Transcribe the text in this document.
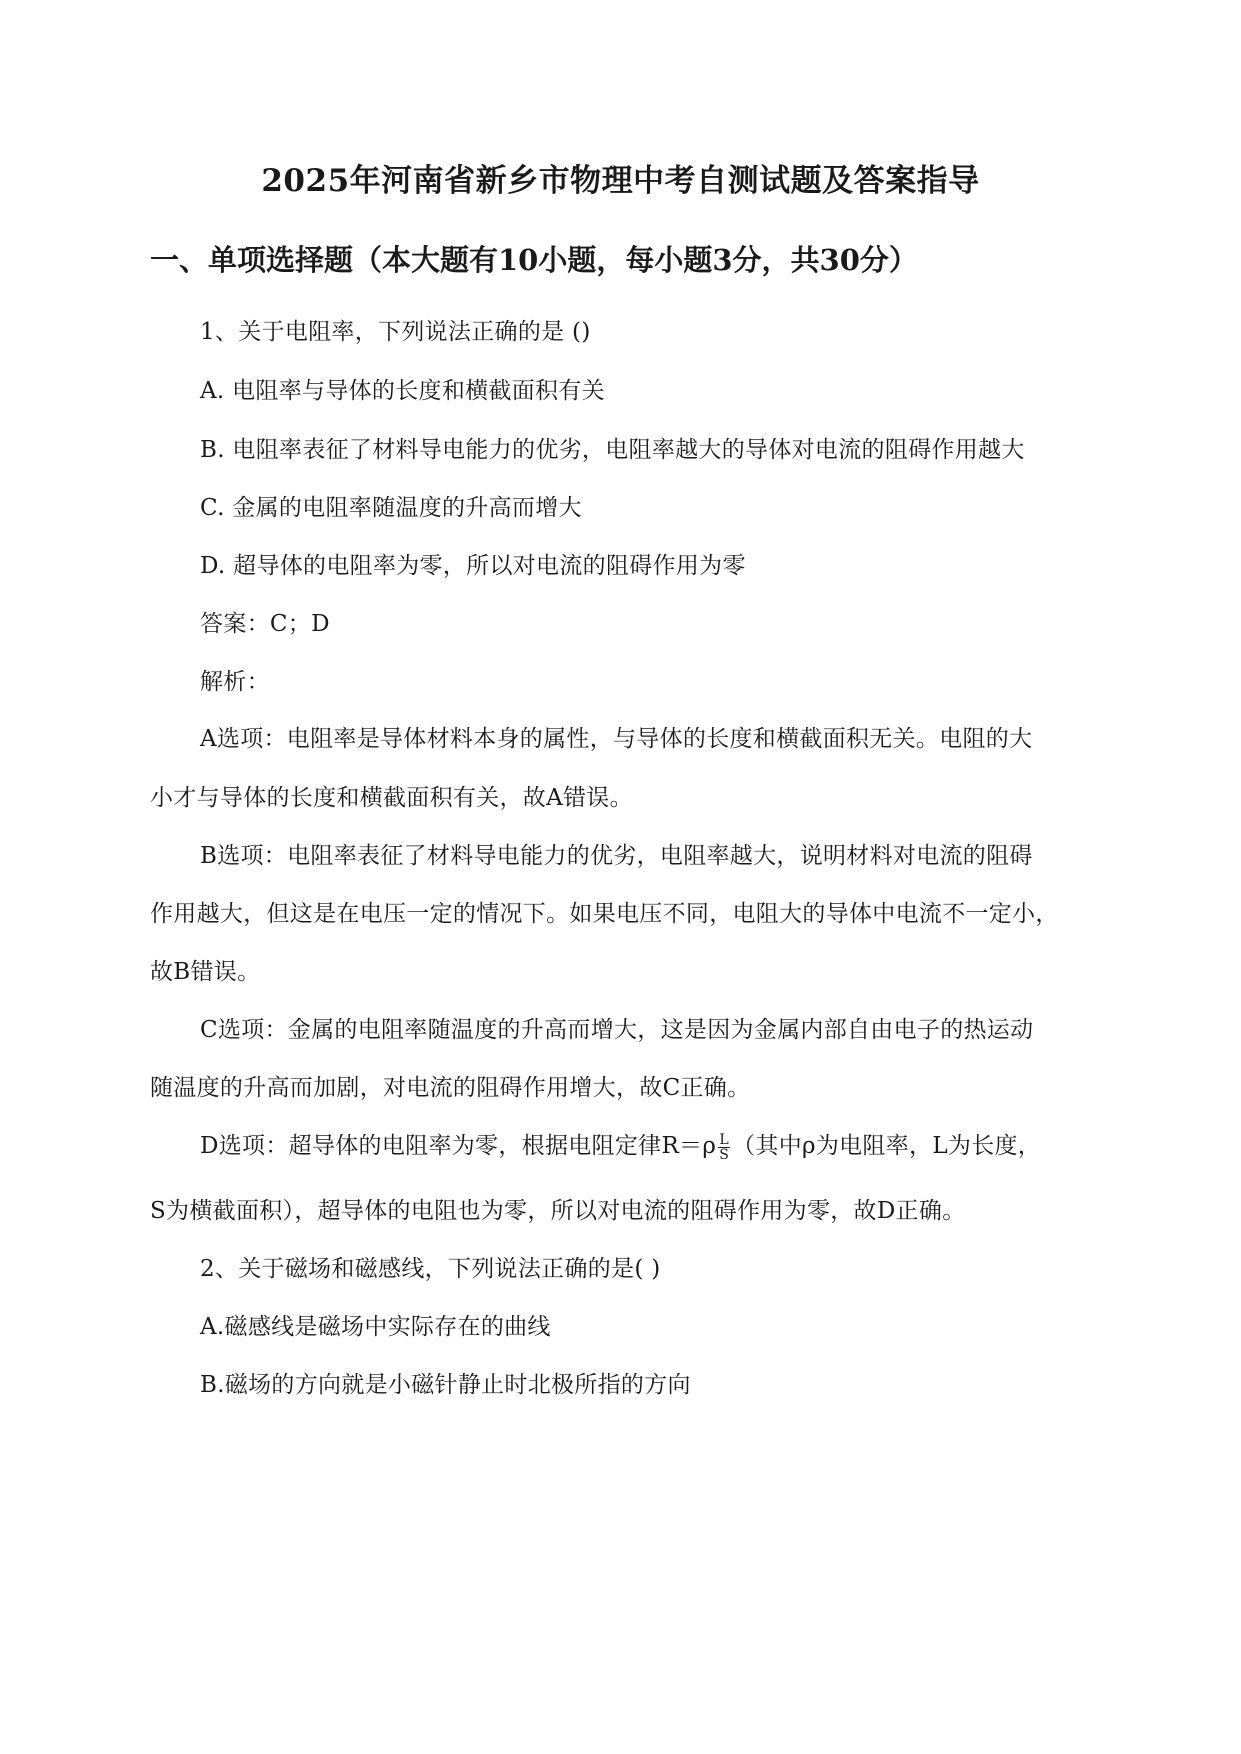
2025年河南省新乡市物理中考自测试题及答案指导
一、单项选择题（本大题有10小题，每小题3分，共30分）
1、关于电阻率，下列说法正确的是 ()
A. 电阻率与导体的长度和横截面积有关
B. 电阻率表征了材料导电能力的优劣，电阻率越大的导体对电流的阻碍作用越大
C. 金属的电阻率随温度的升高而增大
D. 超导体的电阻率为零，所以对电流的阻碍作用为零
答案：C；D
解析：
A选项：电阻率是导体材料本身的属性，与导体的长度和横截面积无关。电阻的大
小才与导体的长度和横截面积有关，故A错误。
B选项：电阻率表征了材料导电能力的优劣，电阻率越大，说明材料对电流的阻碍
作用越大，但这是在电压一定的情况下。如果电压不同，电阻大的导体中电流不一定小，
故B错误。
C选项：金属的电阻率随温度的升高而增大，这是因为金属内部自由电子的热运动
随温度的升高而加剧，对电流的阻碍作用增大，故C正确。
D选项：超导体的电阻率为零，根据电阻定律$R=\rho \frac{L}{S}$ （其中ρ为电阻率，L为长度，
S为横截面积），超导体的电阻也为零，所以对电流的阻碍作用为零，故D正确。
2、关于磁场和磁感线，下列说法正确的是( )
A.磁感线是磁场中实际存在的曲线
B.磁场的方向就是小磁针静止时北极所指的方向
